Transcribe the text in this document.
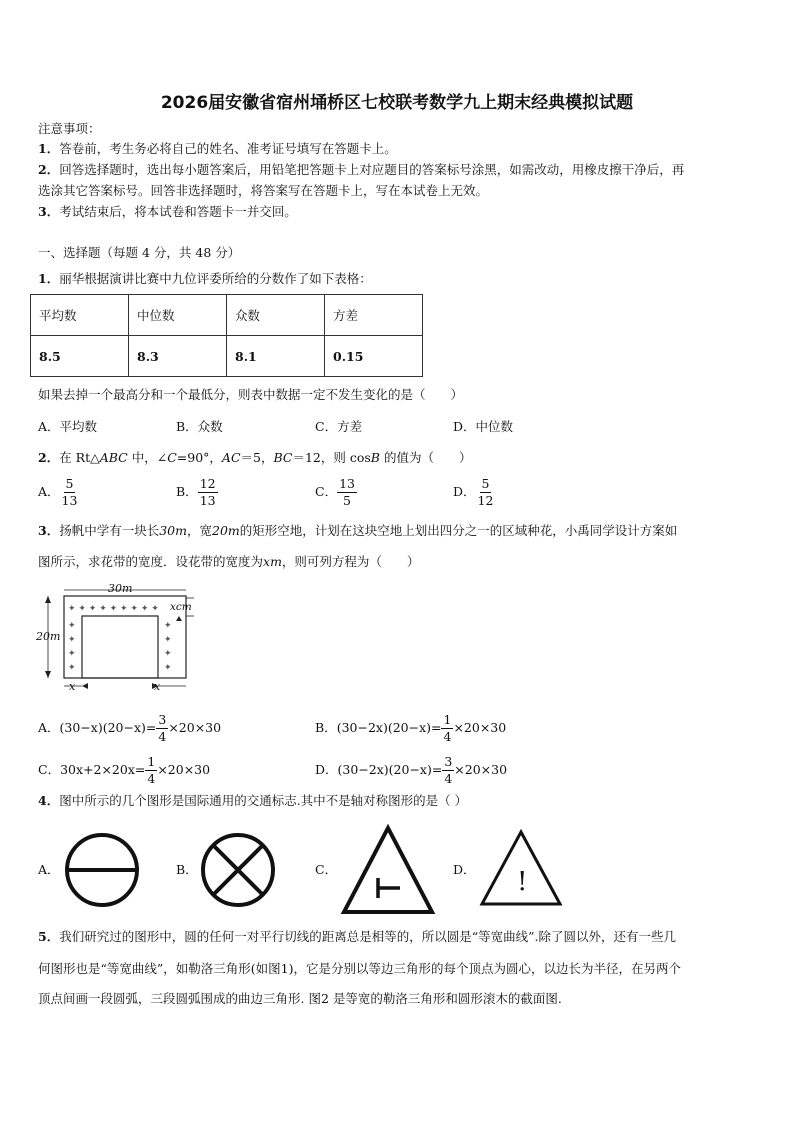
2026届安徽省宿州埇桥区七校联考数学九上期末经典模拟试题
注意事项：
1．答卷前，考生务必将自己的姓名、准考证号填写在答题卡上。
2．回答选择题时，选出每小题答案后，用铅笔把答题卡上对应题目的答案标号涂黑，如需改动，用橡皮擦干净后，再
选涂其它答案标号。回答非选择题时，将答案写在答题卡上，写在本试卷上无效。
3．考试结束后，将本试卷和答题卡一并交回。
一、选择题（每题 4 分，共 48 分）
1．丽华根据演讲比赛中九位评委所给的分数作了如下表格：
平均数	中位数	众数	方差
8.5	8.3	8.1	0.15
如果去掉一个最高分和一个最低分，则表中数据一定不发生变化的是（　　）
A．平均数	B．众数	C．方差	D．中位数
2．在 Rt△ABC 中，∠C=90°，AC＝5，BC＝12，则 cosB 的值为（　　）
A． $\frac{5}{13}$	B． $\frac{12}{13}$	C． $\frac{13}{5}$	D． $\frac{5}{12}$
3．扬帆中学有一块长30m，宽20m的矩形空地，计划在这块空地上划出四分之一的区域种花，小禹同学设计方案如
图所示，求花带的宽度．设花带的宽度为xm，则可列方程为（　　）
✦ ✦ ✦ ✦ ✦ ✦ ✦ ✦ ✦
✦
✦
✦
✦
✦
✦
✦
✦
30m
20m
xcm
x	x
A．$(30-x)(20-x)= \frac{3}{4} \times 20\times 30$	B．$(30-2x)(20-x)= \frac{1}{4} \times 20\times 30$
C．$30x+2\times 20x= \frac{1}{4} \times 20\times 30$	D．$(30-2x)(20-x)= \frac{3}{4} \times 20\times 30$
4．图中所示的几个图形是国际通用的交通标志.其中不是轴对称图形的是（ ）
A．	B．	C．	D． !
5．我们研究过的图形中，圆的任何一对平行切线的距离总是相等的，所以圆是“等宽曲线”.除了圆以外，还有一些几
何图形也是“等宽曲线”，如勒洛三角形(如图1)，它是分别以等边三角形的每个顶点为圆心，以边长为半径，在另两个
顶点间画一段圆弧，三段圆弧围成的曲边三角形. 图2 是等宽的勒洛三角形和圆形滚木的截面图.
